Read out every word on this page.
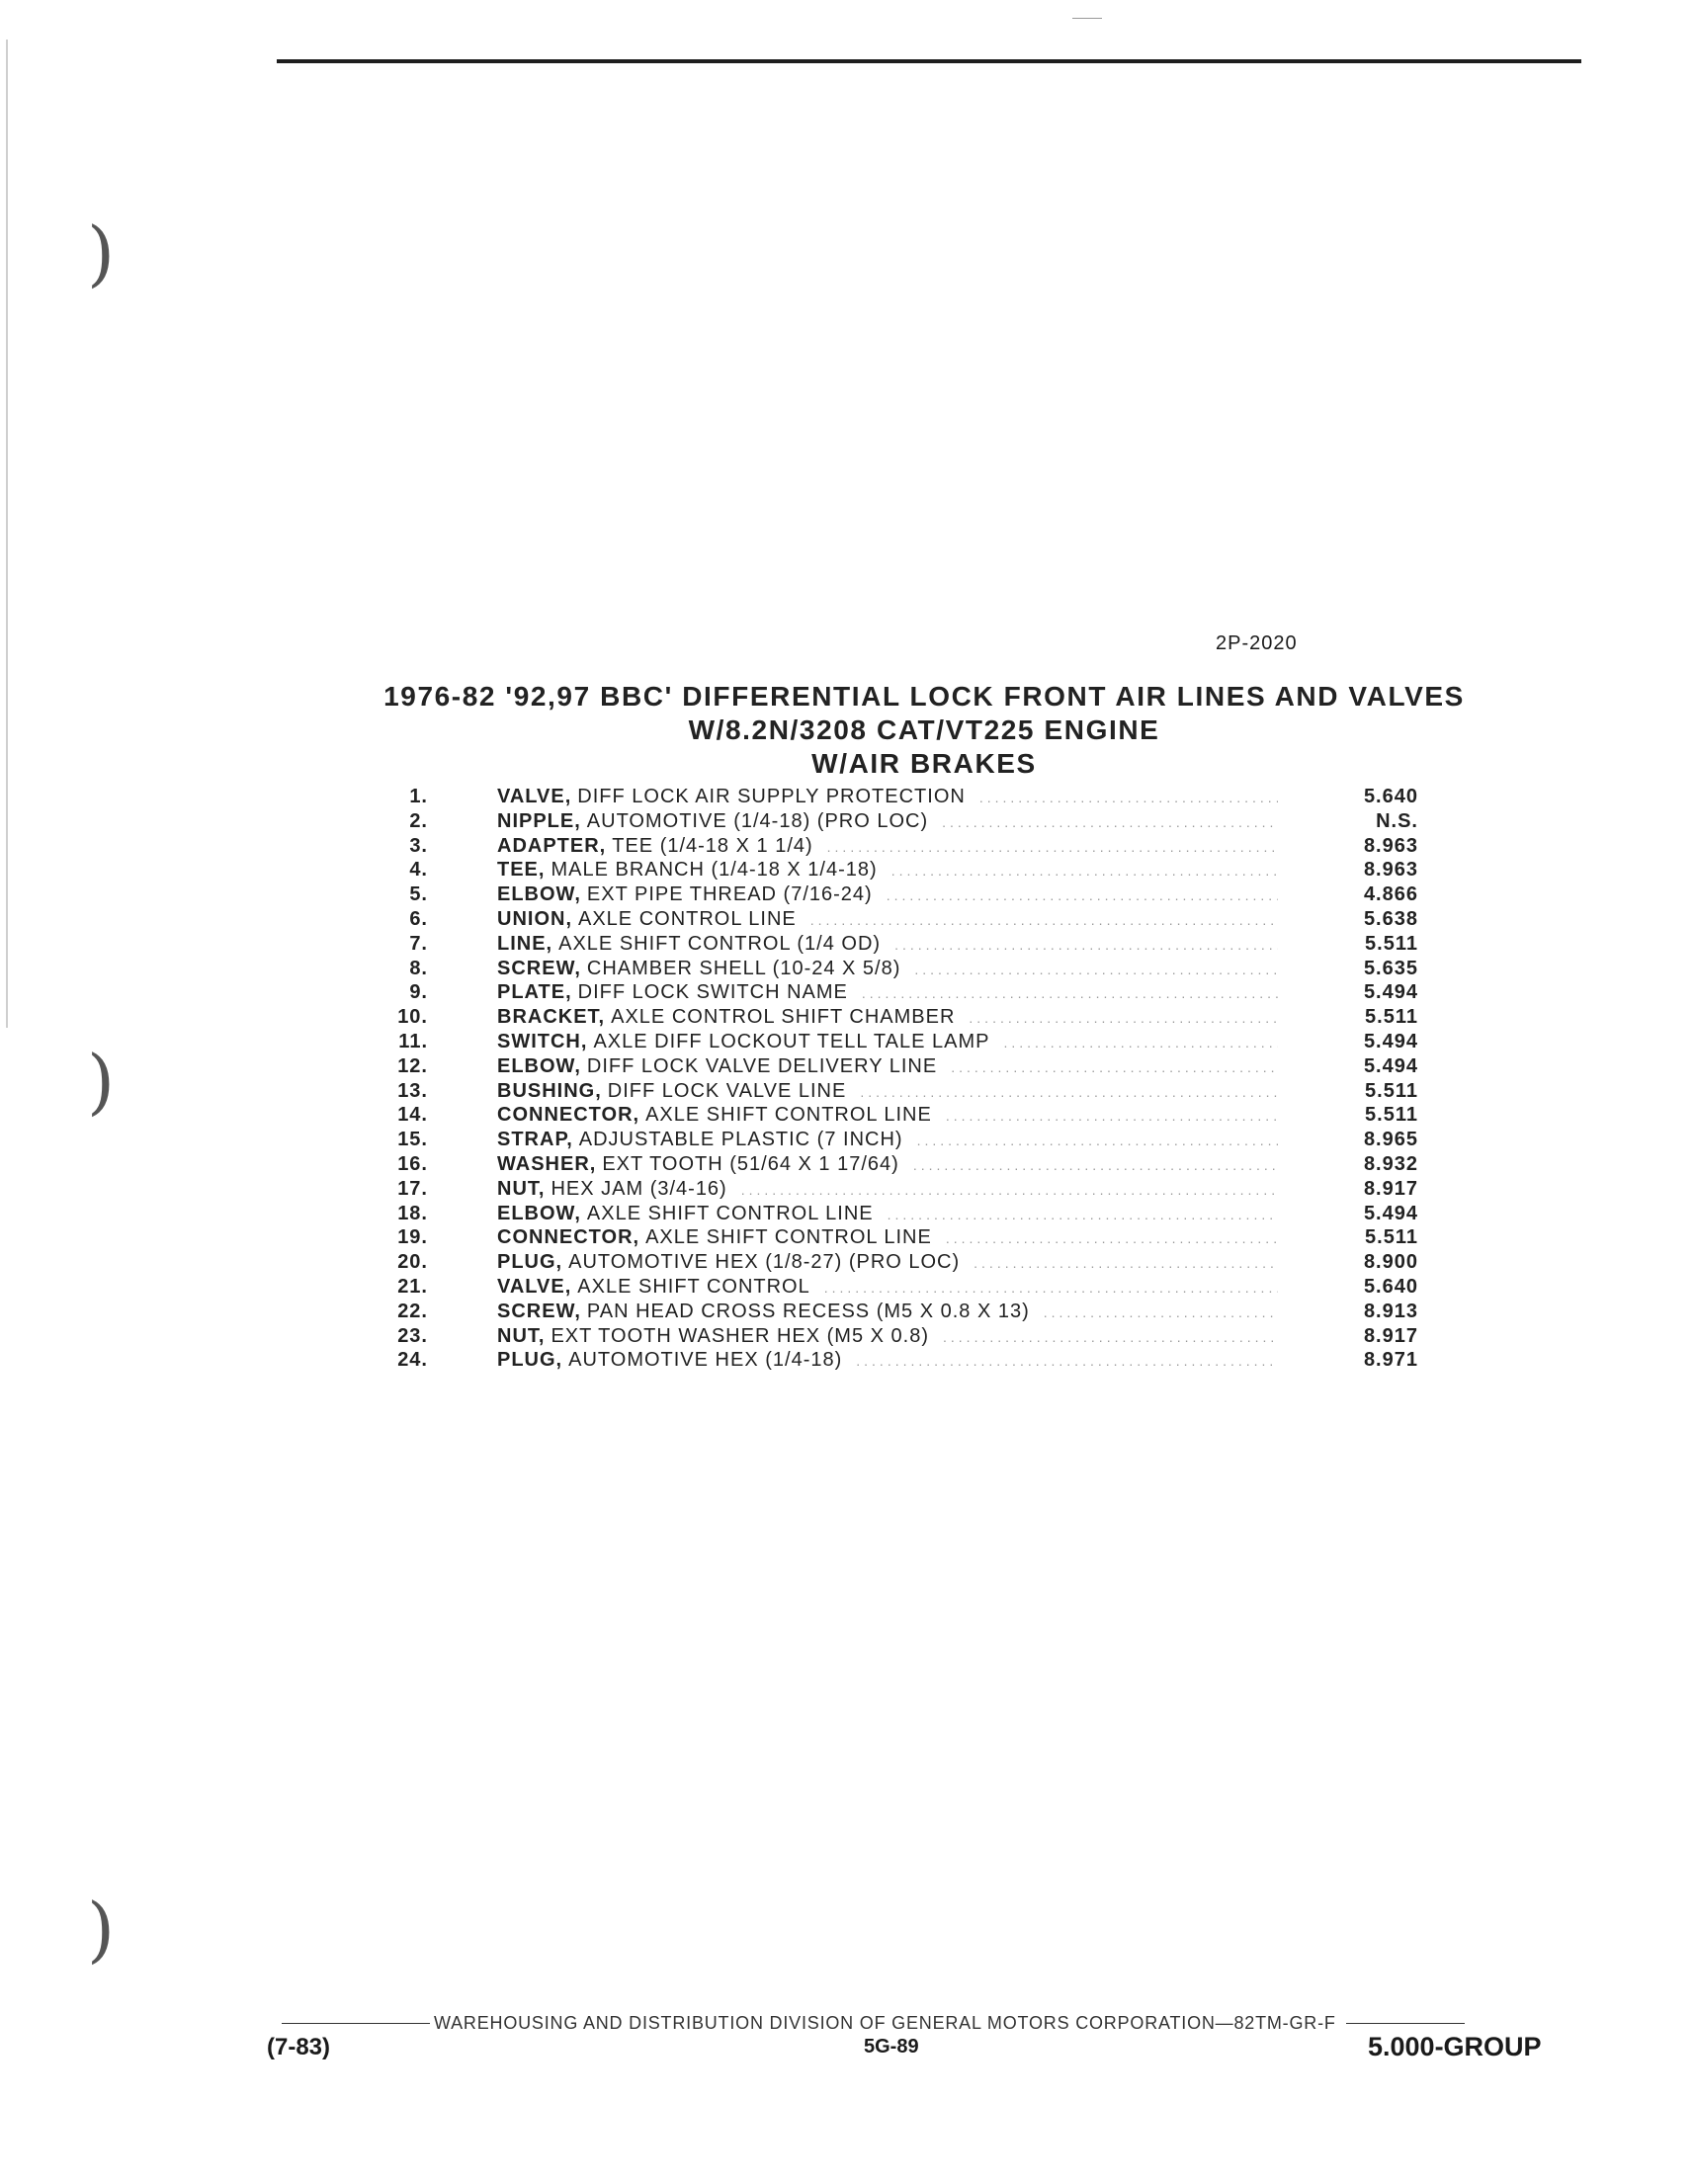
)
)
)
2P-2020
1976-82 '92,97 BBC' DIFFERENTIAL LOCK FRONT AIR LINES AND VALVES
W/8.2N/3208 CAT/VT225 ENGINE
W/AIR BRAKES
1.	VALVE, DIFF LOCK AIR SUPPLY PROTECTION .....	5.640
2.	NIPPLE, AUTOMOTIVE (1/4-18) (PRO LOC) .....	N.S.
3.	ADAPTER, TEE (1/4-18 X 1 1/4) .....	8.963
4.	TEE, MALE BRANCH (1/4-18 X 1/4-18) .....	8.963
5.	ELBOW, EXT PIPE THREAD (7/16-24) .....	4.866
6.	UNION, AXLE CONTROL LINE .....	5.638
7.	LINE, AXLE SHIFT CONTROL (1/4 OD) .....	5.511
8.	SCREW, CHAMBER SHELL (10-24 X 5/8) .....	5.635
9.	PLATE, DIFF LOCK SWITCH NAME .....	5.494
10.	BRACKET, AXLE CONTROL SHIFT CHAMBER .....	5.511
11.	SWITCH, AXLE DIFF LOCKOUT TELL TALE LAMP .....	5.494
12.	ELBOW, DIFF LOCK VALVE DELIVERY LINE .....	5.494
13.	BUSHING, DIFF LOCK VALVE LINE .....	5.511
14.	CONNECTOR, AXLE SHIFT CONTROL LINE .....	5.511
15.	STRAP, ADJUSTABLE PLASTIC (7 INCH) .....	8.965
16.	WASHER, EXT TOOTH (51/64 X 1 17/64) .....	8.932
17.	NUT, HEX JAM (3/4-16) .....	8.917
18.	ELBOW, AXLE SHIFT CONTROL LINE .....	5.494
19.	CONNECTOR, AXLE SHIFT CONTROL LINE .....	5.511
20.	PLUG, AUTOMOTIVE HEX (1/8-27) (PRO LOC) .....	8.900
21.	VALVE, AXLE SHIFT CONTROL .....	5.640
22.	SCREW, PAN HEAD CROSS RECESS (M5 X 0.8 X 13) .....	8.913
23.	NUT, EXT TOOTH WASHER HEX (M5 X 0.8) .....	8.917
24.	PLUG, AUTOMOTIVE HEX (1/4-18) .....	8.971
WAREHOUSING AND DISTRIBUTION DIVISION OF GENERAL MOTORS CORPORATION—82TM-GR-F
(7-83)	5G-89	5.000-GROUP
